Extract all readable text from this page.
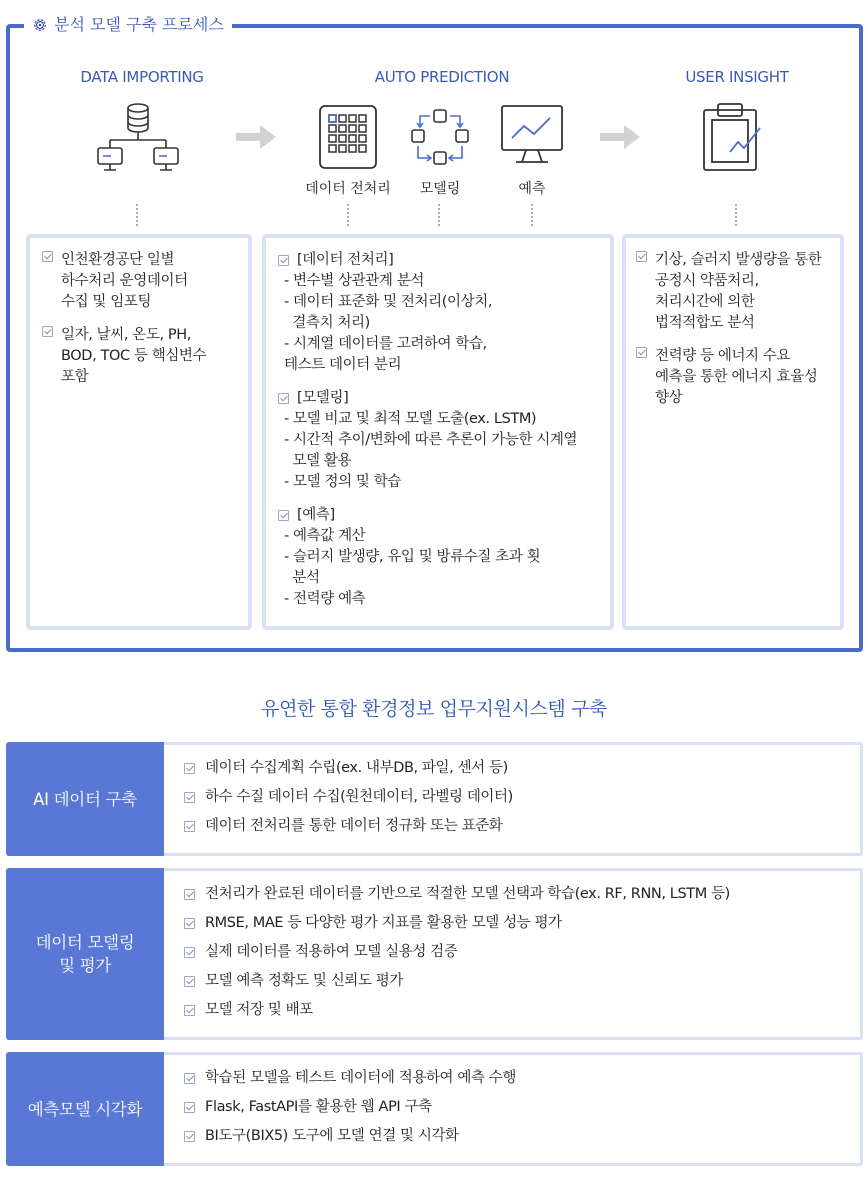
분석 모델 구축 프로세스
DATA IMPORTING	AUTO PREDICTION	USER INSIGHT
데이터 전처리	모델링	예측
인천환경공단 일별
하수처리 운영데이터
수집 및 임포팅
일자, 날씨, 온도, PH,
BOD, TOC 등 핵심변수
포함
[데이터 전처리]
- 변수별 상관관계 분석
- 데이터 표준화 및 전처리(이상치,
결측치 처리)
- 시계열 데이터를 고려하여 학습,
테스트 데이터 분리
[모델링]
- 모델 비교 및 최적 모델 도출(ex. LSTM)
- 시간적 추이/변화에 따른 추론이 가능한 시계열
모델 활용
- 모델 정의 및 학습
[예측]
- 예측값 계산
- 슬러지 발생량, 유입 및 방류수질 초과 횟
분석
- 전력량 예측
기상, 슬러지 발생량을 통한
공정시 약품처리,
처리시간에 의한
법적적합도 분석
전력량 등 에너지 수요
예측을 통한 에너지 효율성
향상
유연한 통합 환경정보 업무지원시스템 구축
AI 데이터 구축
데이터 수집계획 수립(ex. 내부DB, 파일, 센서 등)
하수 수질 데이터 수집(원천데이터, 라벨링 데이터)
데이터 전처리를 통한 데이터 정규화 또는 표준화
데이터 모델링
및 평가
전처리가 완료된 데이터를 기반으로 적절한 모델 선택과 학습(ex. RF, RNN, LSTM 등)
RMSE, MAE 등 다양한 평가 지표를 활용한 모델 성능 평가
실제 데이터를 적용하여 모델 실용성 검증
모델 예측 정확도 및 신뢰도 평가
모델 저장 및 배포
예측모델 시각화
학습된 모델을 테스트 데이터에 적용하여 예측 수행
Flask, FastAPI를 활용한 웹 API 구축
BI도구(BIX5) 도구에 모델 연결 및 시각화
